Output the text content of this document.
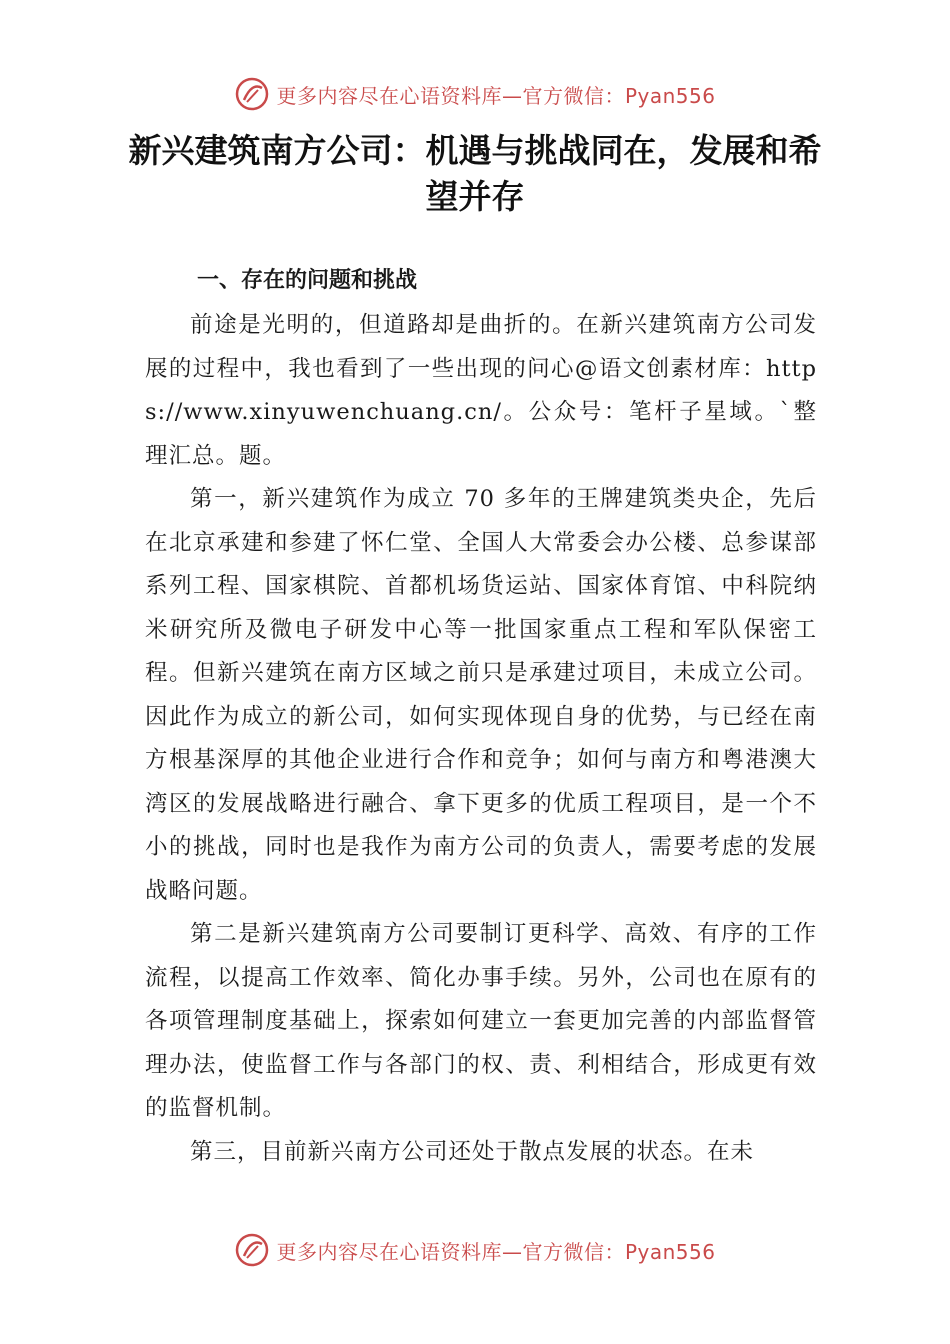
更多内容尽在心语资料库—官方微信：Pyan556
新兴建筑南方公司：机遇与挑战同在，发展和希望并存
一、存在的问题和挑战

前途是光明的，但道路却是曲折的。在新兴建筑南方公司发展的过程中，我也看到了一些出现的问心@语文创素材库：https://www.xinyuwenchuang.cn/。公众号：笔杆子星域。`整理汇总。题。

第一，新兴建筑作为成立 70 多年的王牌建筑类央企，先后在北京承建和参建了怀仁堂、全国人大常委会办公楼、总参谋部系列工程、国家棋院、首都机场货运站、国家体育馆、中科院纳米研究所及微电子研发中心等一批国家重点工程和军队保密工程。但新兴建筑在南方区域之前只是承建过项目，未成立公司。因此作为成立的新公司，如何实现体现自身的优势，与已经在南方根基深厚的其他企业进行合作和竞争；如何与南方和粤港澳大湾区的发展战略进行融合、拿下更多的优质工程项目，是一个不小的挑战，同时也是我作为南方公司的负责人，需要考虑的发展战略问题。

第二是新兴建筑南方公司要制订更科学、高效、有序的工作流程，以提高工作效率、简化办事手续。另外，公司也在原有的各项管理制度基础上，探索如何建立一套更加完善的内部监督管理办法，使监督工作与各部门的权、责、利相结合，形成更有效的监督机制。

第三，目前新兴南方公司还处于散点发展的状态。在未

更多内容尽在心语资料库—官方微信：Pyan556
